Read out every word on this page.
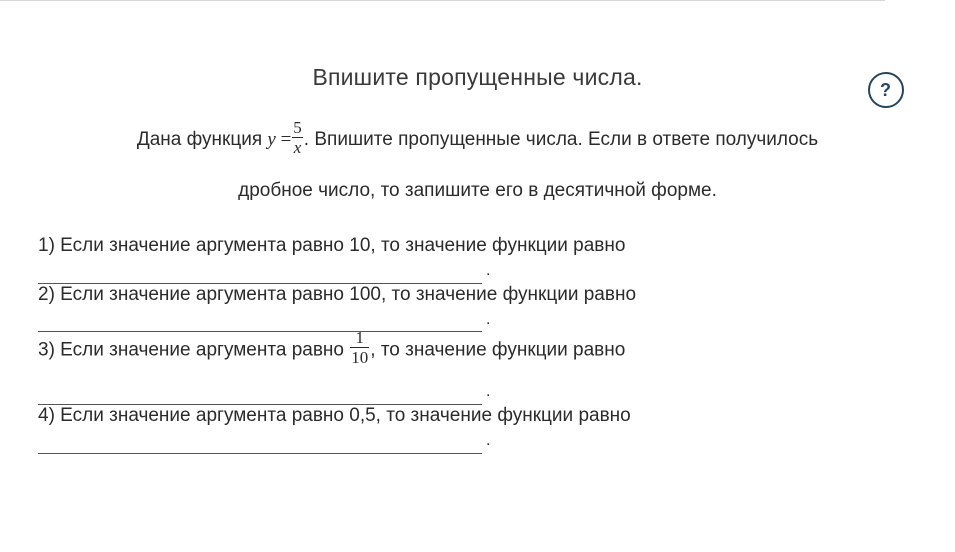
Впишите пропущенные числа.	?
Дана функция $y = \frac{5}{x}$ . Впишите пропущенные числа. Если в ответе получилось
дробное число, то запишите его в десятичной форме.
1) Если значение аргумента равно 10, то значение функции равно
.
2) Если значение аргумента равно 100, то значение функции равно
.
3) Если значение аргумента равно $\frac{1}{10}$ , то значение функции равно
.
4) Если значение аргумента равно 0,5, то значение функции равно
.
